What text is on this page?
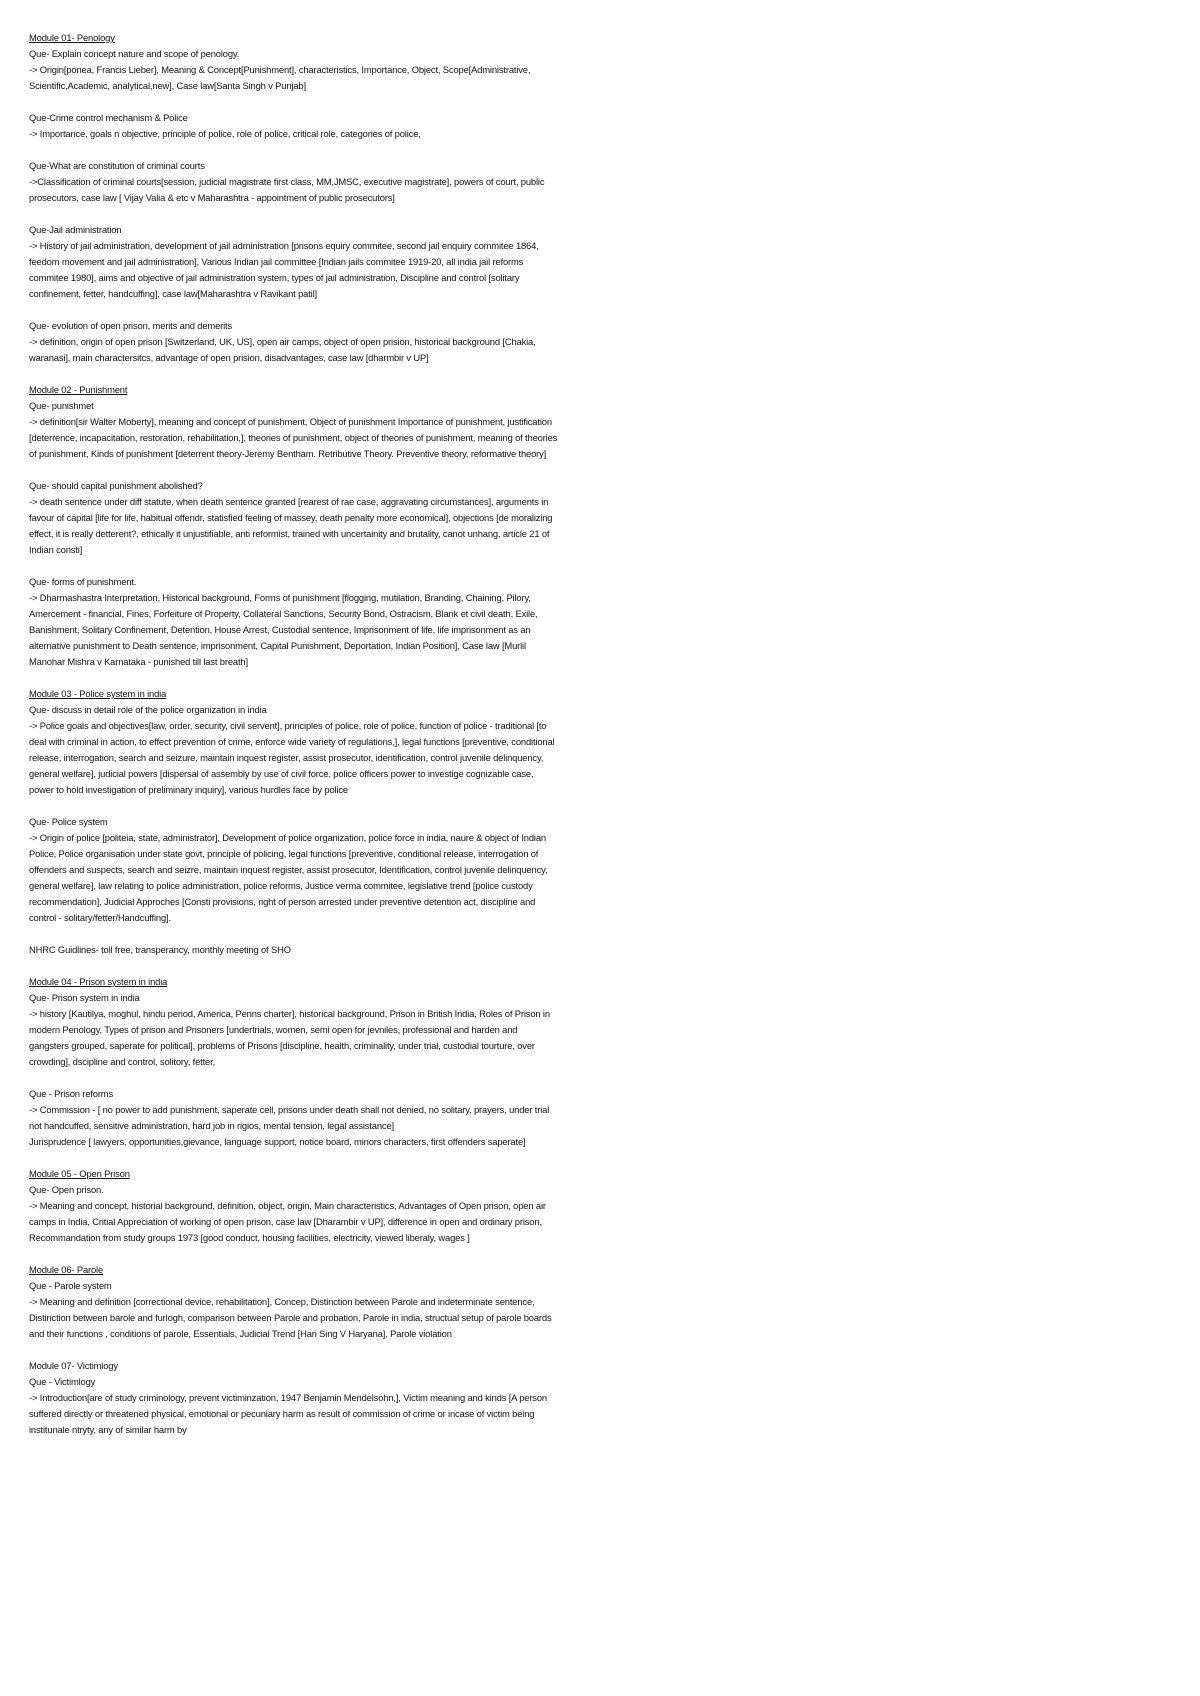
Module 01- Penology
Que- Explain concept nature and scope of penology.
-> Origin[ponea, Francis Lieber], Meaning & Concept[Punishment], characteristics, Importance, Object, Scope[Administrative, Scientific,Academic, analytical,new], Case law[Santa Singh v Punjab]
Que-Crime control mechanism & Police
-> Importance, goals n objective, principle of police, role of police, critical role, categories of police,
Que-What are constitution of criminal courts
->Classification of criminal courts[session, judicial magistrate first class, MM,JMSC, executive magistrate], powers of court, public prosecutors, case law [ Vijay Valia & etc v Maharashtra - appointment of public prosecutors]
Que-Jail administration
-> History of jail administration, development of jail administration [prisons equiry commitee, second jail enquiry commitee 1864, feedom movement and jail administration], Various Indian jail committee [Indian jails commitee 1919-20, all india jail reforms commitee 1980], aims and objective of jail administration system, types of jail administration, Discipline and control [solitary confinement, fetter, handcuffing], case law[Maharashtra v Ravikant patil]
Que- evolution of open prison, merits and demerits
-> definition, origin of open prison [Switzerland, UK, US], open air camps, object of open prision, historical background [Chakia, waranasi], main charactersitcs, advantage of open prision, disadvantages, case law [dharmbir v UP]
Module 02 - Punishment
Que- punishmet
-> definition[sir Walter Moberty], meaning and concept of punishment, Object of punishment Importance of punishment, justification [deterrence, incapacitation, restoration, rehabilitation,], theories of punishment, object of theories of punishment, meaning of theories of punishment, Kinds of punishment [deterrent theory-Jeremy Bentham. Retributive Theory. Preventive theory, reformative theory]
Que- should capital punishment abolished?
-> death sentence under diff statute, when death sentence granted [rearest of rae case, aggravating circumstances], arguments in favour of capital [life for life, habitual offendr, statisfied feeling of massey, death penalty more economical], objections [de moralizing effect, it is really detterent?, ethically it unjustifiable, anti reformist, trained with uncertainity and brutality, canot unhang, article 21 of Indian consti]
Que- forms of punishment.
-> Dharmashastra Interpretation, Historical background, Forms of punishment [flogging, mutilation, Branding, Chaining, Pilory, Amercement - financial, Fines, Forfeiture of Property, Collateral Sanctions, Security Bond, Ostracism, Blank et civil death, Exile, Banishment, Solitary Confinement, Detention, House Arrest, Custodial sentence, Imprisonment of life, life imprisonment as an alternative punishment to Death sentence, imprisonment, Capital Punishment, Deportation, Indian Position], Case law [Murlil Manohar Mishra v Karnataka - punished till last breath]
Module 03 - Police system in india
Que- discuss in detail role of the police organization in india
-> Police goals and objectives[law, order, security, civil servent], principles of police, role of police, function of police - traditional [to deal with criminal in action, to effect prevention of crime, enforce wide variety of regulations,], legal functions [preventive, conditional release, interrogation, search and seizure, maintain inquest register, assist prosecutor, identification, control juvenile delinquency, general welfare], judicial powers [dispersal of assembly by use of civil force, police officers power to investige cognizable case, power to hold investigation of preliminary inquiry], various hurdles face by police
Que- Police system
-> Origin of police [politeia, state, administrator], Development of police organization, police force in india, naure & object of Indian Police, Police organisation under state govt, principle of policing, legal functions [preventive, conditional release, interrogation of offenders and suspects, search and seizre, maintain inquest register, assist prosecutor, Identification, control juvenile delinquency, general welfare], law relating to police administration, police reforms, Justice verma commitee, legislative trend [police custody recommendation], Judicial Approches [Consti provisions, right of person arrested under preventive detention act, discipline and control - solitary/fetter/Handcuffing].
NHRC Guidlines- toll free, transperancy, monthly meeting of SHO
Module 04 - Prison system in india
Que- Prison system in india
-> history [Kautilya, moghul, hindu period, America, Penns charter], historical background, Prison in British India, Roles of Prison in modern Penology, Types of prison and Prisoners [undertrials, women, semi open for jevniles, professional and harden and gangsters grouped, saperate for political], problems of Prisons [discipline, health, criminality, under trial, custodial tourture, over crowding], dscipline and control, solitory, fetter,
Que - Prison reforms
-> Commission - [ no power to add punishment, saperate cell, prisons under death shall not denied, no solitary, prayers, under trial not handcuffed, sensitive administration, hard job in rigios, mental tension, legal assistance]
Jurisprudence [ lawyers, opportunities,gievance, language support, notice board, minors characters, first offenders saperate]
Module 05 - Open Prison
Que- Open prison.
-> Meaning and concept, historial background, definition, object, origin, Main characteristics, Advantages of Open prison, open air camps in India, Critial Appreciation of working of open prison, case law [Dharambir v UP], difference in open and ordinary prison, Recommandation from study groups 1973 [good conduct, housing facilities, electricity, viewed liberaly, wages ]
Module 06- Parole
Que - Parole system
-> Meaning and definition [correctional device, rehabilitation], Concep, Distinction between Parole and indeterminate sentence, Distinction between barole and furlogh, comparison between Parole and probation, Parole in india, structual setup of parole boards and their functions , conditions of parole, Essentials, Judicial Trend [Hari Sing V Haryana], Parole violation
Module 07- Victimlogy
Que - Victimlogy
-> Introduction[are of study criminology, prevent victiminzation, 1947 Benjamin Mendelsohn,], Victim meaning and kinds [A person suffered directly or threatened physical, emotional or pecuniary harm as result of commission of crime or incase of victim being institunale ntryty, any of similar harm by
